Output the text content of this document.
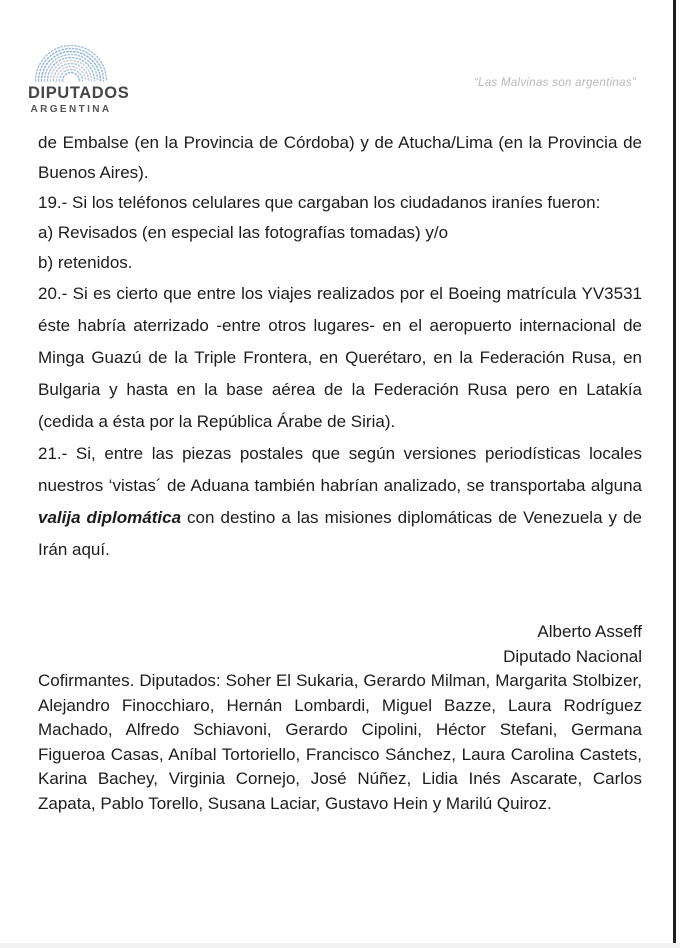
DIPUTADOS
ARGENTINA
“Las Malvinas son argentinas”

de Embalse (en la Provincia de Córdoba) y de Atucha/Lima (en la Provincia de Buenos Aires).

19.- Si los teléfonos celulares que cargaban los ciudadanos iraníes fueron:

a) Revisados (en especial las fotografías tomadas) y/o

b) retenidos.

20.- Si es cierto que entre los viajes realizados por el Boeing matrícula YV3531 éste habría aterrizado -entre otros lugares- en el aeropuerto internacional de Minga Guazú de la Triple Frontera, en Querétaro, en la Federación Rusa, en Bulgaria y hasta en la base aérea de la Federación Rusa pero en Latakía (cedida a ésta por la República Árabe de Siria).

21.- Si, entre las piezas postales que según versiones periodísticas locales nuestros ‘vistas´ de Aduana también habrían analizado, se transportaba alguna valija diplomática con destino a las misiones diplomáticas de Venezuela y de Irán aquí.

Alberto Asseff

Diputado Nacional

Cofirmantes. Diputados: Soher El Sukaria, Gerardo Milman, Margarita Stolbizer, Alejandro Finocchiaro, Hernán Lombardi, Miguel Bazze, Laura Rodríguez Machado, Alfredo Schiavoni, Gerardo Cipolini, Héctor Stefani, Germana Figueroa Casas, Aníbal Tortoriello, Francisco Sánchez, Laura Carolina Castets, Karina Bachey, Virginia Cornejo, José Núñez, Lidia Inés Ascarate, Carlos Zapata, Pablo Torello, Susana Laciar, Gustavo Hein y Marilú Quiroz.
